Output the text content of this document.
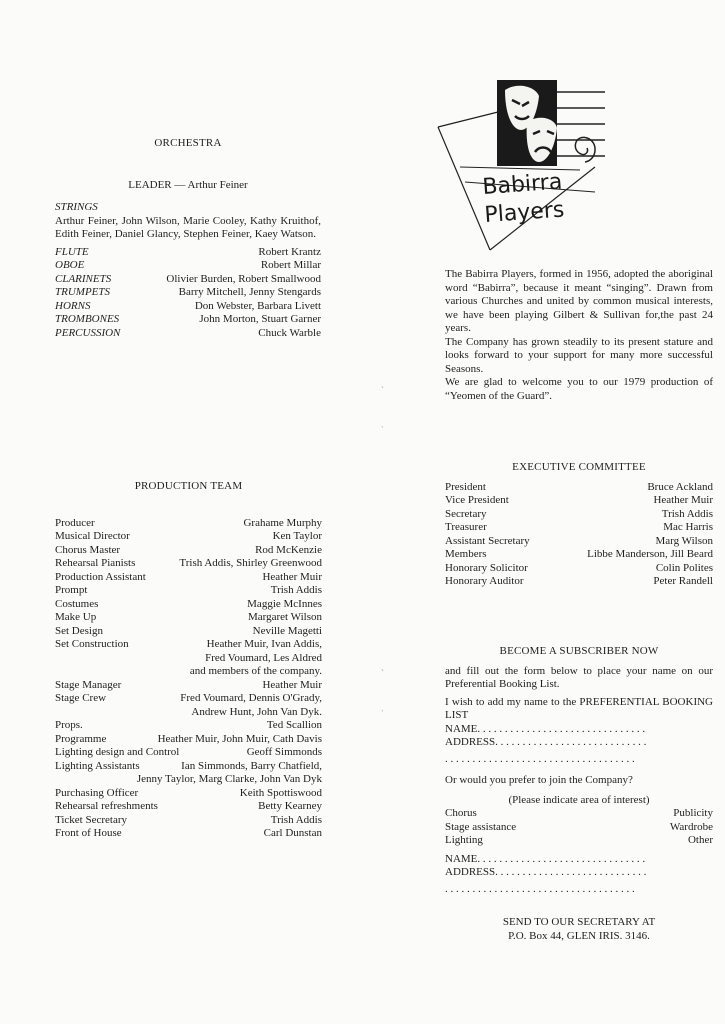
ORCHESTRA
LEADER — Arthur Feiner
STRINGS
Arthur Feiner, John Wilson, Marie Cooley, Kathy Kruithof, Edith Feiner, Daniel Glancy, Stephen Feiner, Kaey Watson.
FLUTE	Robert Krantz
OBOE	Robert Millar
CLARINETS	Olivier Burden, Robert Smallwood
TRUMPETS	Barry Mitchell, Jenny Stengards
HORNS	Don Webster, Barbara Livett
TROMBONES	John Morton, Stuart Garner
PERCUSSION	Chuck Warble
PRODUCTION TEAM
Producer	Grahame Murphy
Musical Director	Ken Taylor
Chorus Master	Rod McKenzie
Rehearsal Pianists	Trish Addis, Shirley Greenwood
Production Assistant	Heather Muir
Prompt	Trish Addis
Costumes	Maggie McInnes
Make Up	Margaret Wilson
Set Design	Neville Magetti
Set Construction	Heather Muir, Ivan Addis,
Fred Voumard, Les Aldred
and members of the company.
Stage Manager	Heather Muir
Stage Crew	Fred Voumard, Dennis O'Grady,
Andrew Hunt, John Van Dyk.
Props.	Ted Scallion
Programme	Heather Muir, John Muir, Cath Davis
Lighting design and Control	Geoff Simmonds
Lighting Assistants	Ian Simmonds, Barry Chatfield,
Jenny Taylor, Marg Clarke, John Van Dyk
Purchasing Officer	Keith Spottiswood
Rehearsal refreshments	Betty Kearney
Ticket Secretary	Trish Addis
Front of House	Carl Dunstan
Babirra
Players
The Babirra Players, formed in 1956, adopted the aboriginal word “Babirra”, because it meant “singing”. Drawn from various Churches and united by common musical interests, we have been playing Gilbert & Sullivan for,the past 24 years.
The Company has grown steadily to its present stature and looks forward to your support for many more successful Seasons.
We are glad to welcome you to our 1979 production of “Yeomen of the Guard”.
EXECUTIVE COMMITTEE
President	Bruce Ackland
Vice President	Heather Muir
Secretary	Trish Addis
Treasurer	Mac Harris
Assistant Secretary	Marg Wilson
Members	Libbe Manderson, Jill Beard
Honorary Solicitor	Colin Polites
Honorary Auditor	Peter Randell
BECOME A SUBSCRIBER NOW
and fill out the form below to place your name on our Preferential Booking List.
I wish to add my name to the PREFERENTIAL BOOKING LIST
NAME. . . . . . . . . . . . . . . . . . . . . . . . . . . . . . .
ADDRESS. . . . . . . . . . . . . . . . . . . . . . . . . . . .
. . . . . . . . . . . . . . . . . . . . . . . . . . . . . . . . . . .
Or would you prefer to join the Company?
(Please indicate area of interest)
Chorus	Publicity
Stage assistance	Wardrobe
Lighting	Other
NAME. . . . . . . . . . . . . . . . . . . . . . . . . . . . . . .
ADDRESS. . . . . . . . . . . . . . . . . . . . . . . . . . . .
. . . . . . . . . . . . . . . . . . . . . . . . . . . . . . . . . . .
SEND TO OUR SECRETARY AT
P.O. Box 44, GLEN IRIS. 3146.
ˎ
ˑ
ˎ
ˑ
